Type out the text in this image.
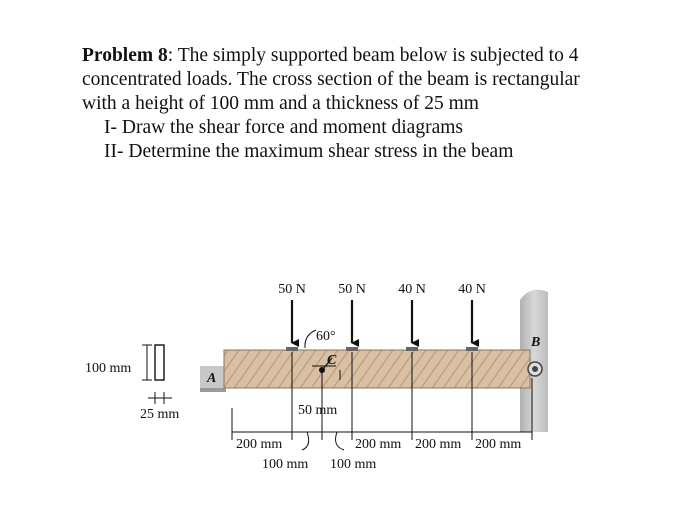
Problem 8: The simply supported beam below is subjected to 4
concentrated loads. The cross section of the beam is rectangular
with a height of 100 mm and a thickness of 25 mm
I- Draw the shear force and moment diagrams
II- Determine the maximum shear stress in the beam
50 N 50 N 40 N 40 N
60°
C
A
B
100 mm
25 mm	50 mm
200 mm	200 mm 200 mm 200 mm
100 mm 100 mm
